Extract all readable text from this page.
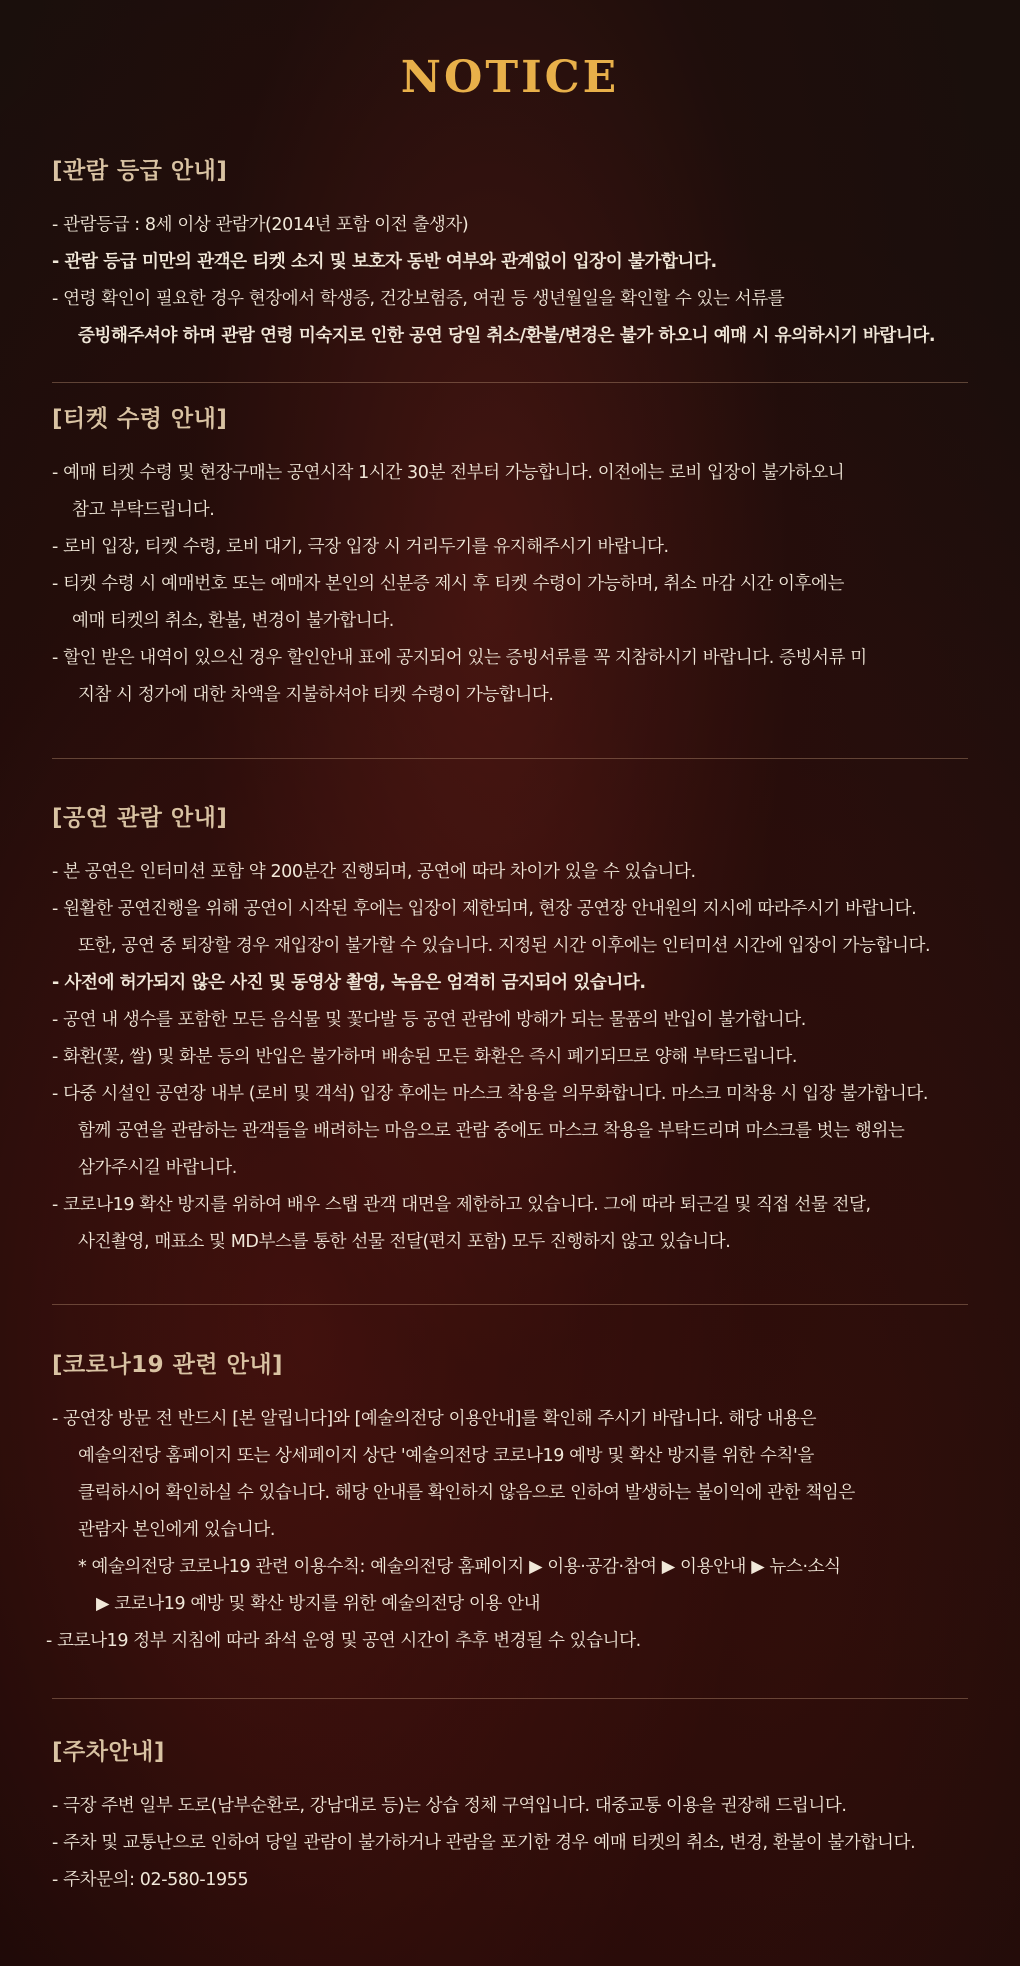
NOTICE
[관람 등급 안내]
- 관람등급 : 8세 이상 관람가(2014년 포함 이전 출생자)
- 관람 등급 미만의 관객은 티켓 소지 및 보호자 동반 여부와 관계없이 입장이 불가합니다.
- 연령 확인이 필요한 경우 현장에서 학생증, 건강보험증, 여권 등 생년월일을 확인할 수 있는 서류를
증빙해주셔야 하며 관람 연령 미숙지로 인한 공연 당일 취소/환불/변경은 불가 하오니 예매 시 유의하시기 바랍니다.
[티켓 수령 안내]
- 예매 티켓 수령 및 현장구매는 공연시작 1시간 30분 전부터 가능합니다. 이전에는 로비 입장이 불가하오니
참고 부탁드립니다.
- 로비 입장, 티켓 수령, 로비 대기, 극장 입장 시 거리두기를 유지해주시기 바랍니다.
- 티켓 수령 시 예매번호 또는 예매자 본인의 신분증 제시 후 티켓 수령이 가능하며, 취소 마감 시간 이후에는
예매 티켓의 취소, 환불, 변경이 불가합니다.
- 할인 받은 내역이 있으신 경우 할인안내 표에 공지되어 있는 증빙서류를 꼭 지참하시기 바랍니다. 증빙서류 미
지참 시 정가에 대한 차액을 지불하셔야 티켓 수령이 가능합니다.
[공연 관람 안내]
- 본 공연은 인터미션 포함 약 200분간 진행되며, 공연에 따라 차이가 있을 수 있습니다.
- 원활한 공연진행을 위해 공연이 시작된 후에는 입장이 제한되며, 현장 공연장 안내원의 지시에 따라주시기 바랍니다.
또한, 공연 중 퇴장할 경우 재입장이 불가할 수 있습니다. 지정된 시간 이후에는 인터미션 시간에 입장이 가능합니다.
- 사전에 허가되지 않은 사진 및 동영상 촬영, 녹음은 엄격히 금지되어 있습니다.
- 공연 내 생수를 포함한 모든 음식물 및 꽃다발 등 공연 관람에 방해가 되는 물품의 반입이 불가합니다.
- 화환(꽃, 쌀) 및 화분 등의 반입은 불가하며 배송된 모든 화환은 즉시 폐기되므로 양해 부탁드립니다.
- 다중 시설인 공연장 내부 (로비 및 객석) 입장 후에는 마스크 착용을 의무화합니다. 마스크 미착용 시 입장 불가합니다.
함께 공연을 관람하는 관객들을 배려하는 마음으로 관람 중에도 마스크 착용을 부탁드리며 마스크를 벗는 행위는
삼가주시길 바랍니다.
- 코로나19 확산 방지를 위하여 배우 스탭 관객 대면을 제한하고 있습니다. 그에 따라 퇴근길 및 직접 선물 전달,
사진촬영, 매표소 및 MD부스를 통한 선물 전달(편지 포함) 모두 진행하지 않고 있습니다.
[코로나19 관련 안내]
- 공연장 방문 전 반드시 [본 알립니다]와 [예술의전당 이용안내]를 확인해 주시기 바랍니다. 해당 내용은
예술의전당 홈페이지 또는 상세페이지 상단 '예술의전당 코로나19 예방 및 확산 방지를 위한 수칙'을
클릭하시어 확인하실 수 있습니다. 해당 안내를 확인하지 않음으로 인하여 발생하는 불이익에 관한 책임은
관람자 본인에게 있습니다.
* 예술의전당 코로나19 관련 이용수칙: 예술의전당 홈페이지 ▶ 이용·공감·참여 ▶ 이용안내 ▶ 뉴스·소식
▶ 코로나19 예방 및 확산 방지를 위한 예술의전당 이용 안내
- 코로나19 정부 지침에 따라 좌석 운영 및 공연 시간이 추후 변경될 수 있습니다.
[주차안내]
- 극장 주변 일부 도로(남부순환로, 강남대로 등)는 상습 정체 구역입니다. 대중교통 이용을 권장해 드립니다.
- 주차 및 교통난으로 인하여 당일 관람이 불가하거나 관람을 포기한 경우 예매 티켓의 취소, 변경, 환불이 불가합니다.
- 주차문의: 02-580-1955
